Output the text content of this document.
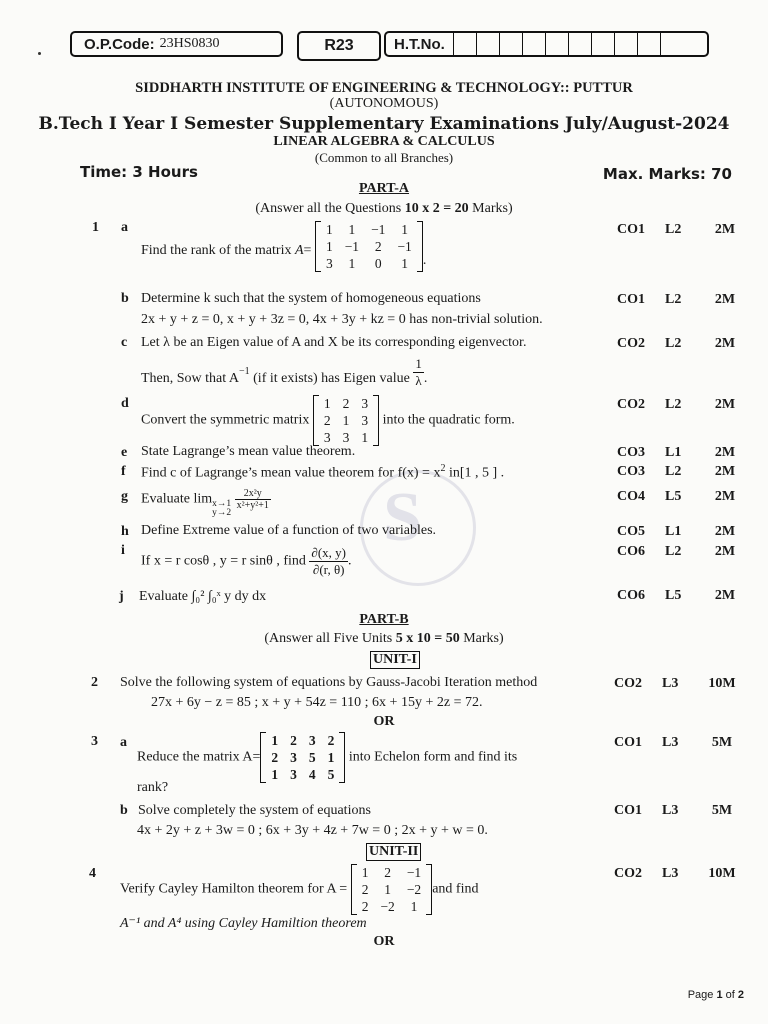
O.P.Code: 23HS0830	R23	H.T.No.
SIDDHARTH INSTITUTE OF ENGINEERING & TECHNOLOGY:: PUTTUR
(AUTONOMOUS)
B.Tech I Year I Semester Supplementary Examinations July/August-2024
LINEAR ALGEBRA & CALCULUS
(Common to all Branches)
Time: 3 Hours	Max. Marks: 70
S
PART-A
(Answer all the Questions 10 x 2 = 20 Marks)
1 a
Find the rank of the matrix A=
1	1	−1	1
1	−1	2	−1
3	1	0	1 .
CO1	L2	2M
b Determine k such that the system of homogeneous equations
2x + y + z = 0, x + y + 3z = 0, 4x + 3y + kz = 0 has non-trivial solution.
CO1	L2	2M
c Let λ be an Eigen value of A and X be its corresponding eigenvector.
Then, Sow that $A^{-1}$ (if it exists) has Eigen value $\frac{1}{\lambda}$ .
CO2	L2	2M
d
Convert the symmetric matrix
1	2	3
2	1	3
3	3	1
into the quadratic form.
CO2	L2	2M
e State Lagrange’s mean value theorem.	CO3	L1	2M
f Find c of Lagrange’s mean value theorem for $f(x) = x^2$ in[1 , 5 ] .	CO3	L2	2M
g Evaluate lim x→1
y→2

$\frac{\text{2x²y}}{\text{x²+y²+1}}$	CO4	L5	2M
h Define Extreme value of a function of two variables.	CO5	L1	2M
i
If x = r cosθ , y = r sinθ , find $\frac{\partial(x, y)}{\partial(r, \theta)}$ .
CO6	L2	2M
j Evaluate ∫₀² ∫₀ˣ y dy dx	CO6	L5	2M
PART-B
(Answer all Five Units 5 x 10 = 50 Marks)
UNIT-I
2 Solve the following system of equations by Gauss-Jacobi Iteration method
27x + 6y − z = 85 ; x + y + 54z = 110 ; 6x + 15y + 2z = 72.
CO2	L3	10M
OR
3 a
Reduce the matrix A=
1	2	3	2
2	3	5	1
1	3	4	5
into Echelon form and find its
rank?
CO1	L3	5M
b Solve completely the system of equations
4x + 2y + z + 3w = 0 ; 6x + 3y + 4z + 7w = 0 ; 2x + y + w = 0.
CO1	L3	5M
UNIT-II
4
Verify Cayley Hamilton theorem for A =
1	2	−1
2	1	−2
2	−2	1
and find
A⁻¹ and A⁴ using Cayley Hamiltion theorem
CO2	L3	10M
OR
Page 1 of 2
